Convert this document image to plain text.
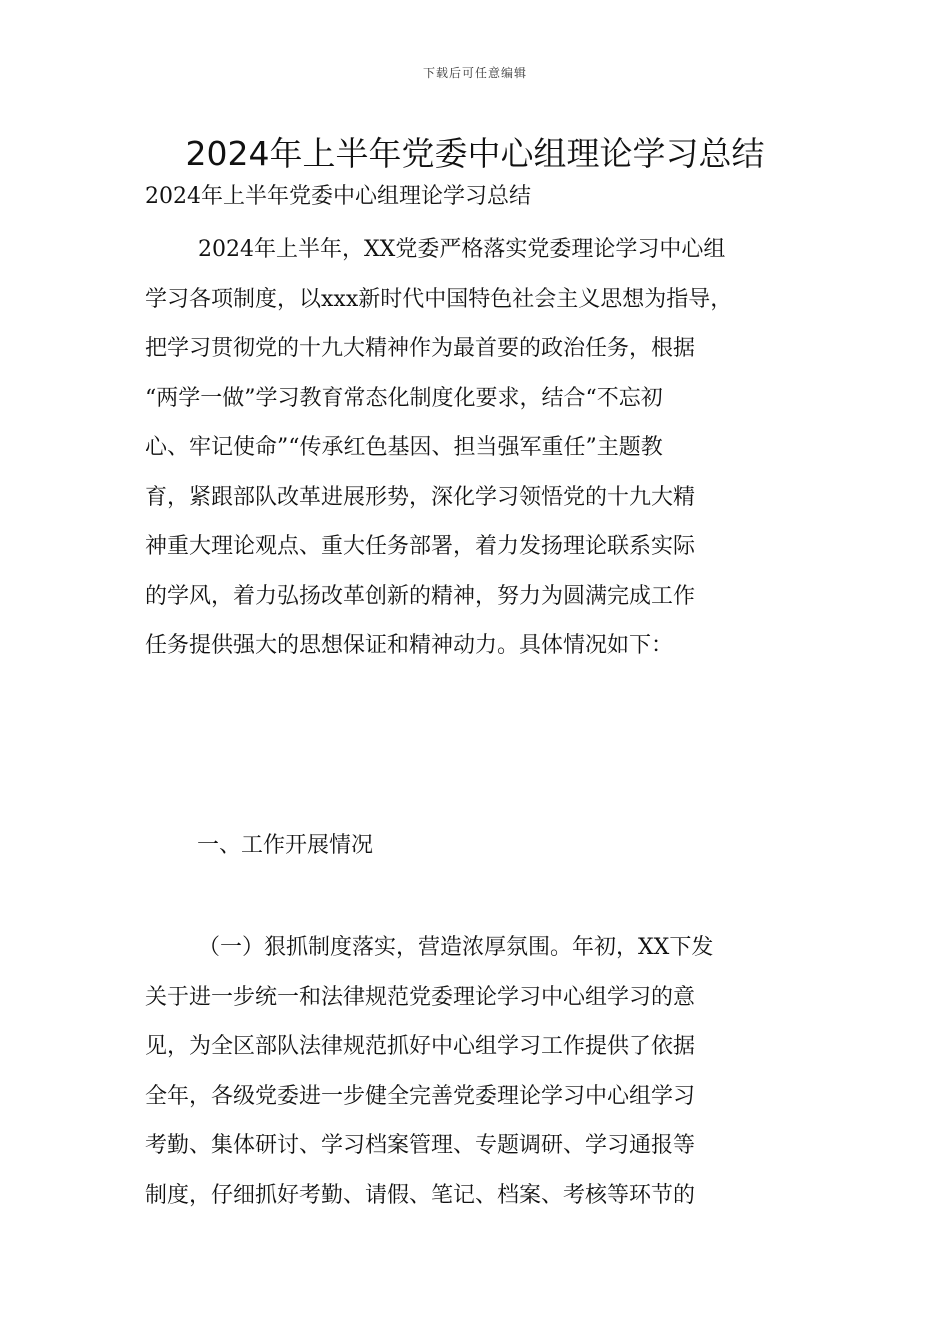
下载后可任意编辑
2024年上半年党委中心组理论学习总结
2024年上半年党委中心组理论学习总结
2024年上半年，XX党委严格落实党委理论学习中心组
学习各项制度，以xxx新时代中国特色社会主义思想为指导，
把学习贯彻党的十九大精神作为最首要的政治任务，根据
“两学一做”学习教育常态化制度化要求，结合“不忘初
心、牢记使命”“传承红色基因、担当强军重任”主题教
育，紧跟部队改革进展形势，深化学习领悟党的十九大精
神重大理论观点、重大任务部署，着力发扬理论联系实际
的学风，着力弘扬改革创新的精神，努力为圆满完成工作
任务提供强大的思想保证和精神动力。具体情况如下：
一、工作开展情况
（一）狠抓制度落实，营造浓厚氛围。年初，XX下发
关于进一步统一和法律规范党委理论学习中心组学习的意
见，为全区部队法律规范抓好中心组学习工作提供了依据
全年，各级党委进一步健全完善党委理论学习中心组学习
考勤、集体研讨、学习档案管理、专题调研、学习通报等
制度，仔细抓好考勤、请假、笔记、档案、考核等环节的
